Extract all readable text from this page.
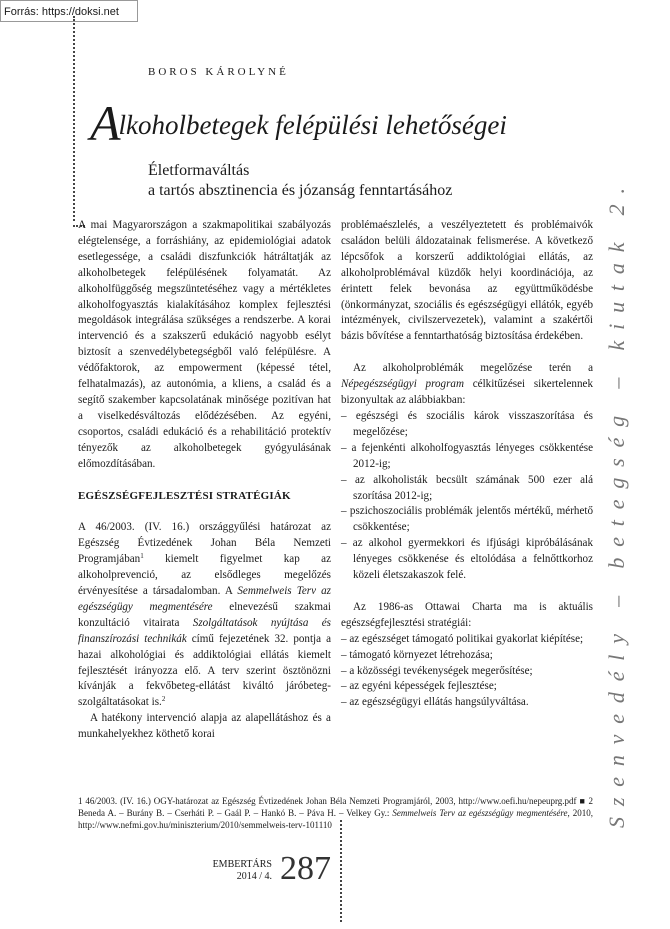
Forrás: https://doksi.net
BOROS KÁROLYNÉ
Alkoholbetegek felépülési lehetőségei
Életformaváltás
a tartós absztinencia és józanság fenntartásához

A mai Magyarországon a szakmapolitikai szabályozás elégtelensége, a forráshiány, az epidemiológiai adatok esetlegessége, a családi diszfunkciók hátráltatják az alkoholbetegek felépülésének folyamatát. Az alkoholfüggőség megszüntetéséhez vagy a mértékletes alkoholfogyasztás kialakításához komplex fejlesztési megoldások integrálása szükséges a rendszerbe. A korai intervenció és a szakszerű edukáció nagyobb esélyt biztosít a szenvedélybetegségből való felépülésre. A védőfaktorok, az empowerment (képessé tétel, felhatalmazás), az autonómia, a kliens, a család és a segítő szakember kapcsolatának minősége pozitívan hat a viselkedésváltozás elődézésében. Az egyéni, csoportos, családi edukáció és a rehabilitáció protektív tényezők az alkoholbetegek gyógyulásának előmozdításában.

EGÉSZSÉGFEJLESZTÉSI STRATÉGIÁK

A 46/2003. (IV. 16.) országgyűlési határozat az Egészség Évtizedének Johan Béla Nemzeti Programjában$^1$ kiemelt figyelmet kap az alkoholprevenció, az elsődleges megelőzés érvényesítése a társadalomban. A Semmelweis Terv az egészségügy megmentésére elnevezésű szakmai konzultáció vitairata Szolgáltatások nyújtása és finanszírozási technikák című fejezetének 32. pontja a hazai alkohológiai és addiktológiai ellátás kiemelt fejlesztését irányozza elő. A terv szerint ösztönözni kívánják a fekvőbeteg-ellátást kiváltó járóbeteg-szolgáltatásokat is.$^2$

A hatékony intervenció alapja az alapellátáshoz és a munkahelyekhez köthető korai

problémaészlelés, a veszélyeztetett és problémaivók családon belüli áldozatainak felismerése. A következő lépcsőfok a korszerű addiktológiai ellátás, az alkoholproblémával küzdők helyi koordinációja, az érintett felek bevonása az együttműködésbe (önkormányzat, szociális és egészségügyi ellátók, egyéb intézmények, civilszervezetek), valamint a szakértői bázis bővítése a fenntarthatóság biztosítása érdekében.

Az alkoholproblémák megelőzése terén a Népegészségügyi program célkitűzései sikertelennek bizonyultak az alábbiakban:

– egészségi és szociális károk visszaszorítása és megelőzése;
– a fejenkénti alkoholfogyasztás lényeges csökkentése 2012-ig;
– az alkoholisták becsült számának 500 ezer alá szorítása 2012-ig;
– pszichoszociális problémák jelentős mértékű, mérhető csökkentése;
– az alkohol gyermekkori és ifjúsági kipróbálásának lényeges csökkenése és eltolódása a felnőttkorhoz közeli életszakaszok felé.

Az 1986-as Ottawai Charta ma is aktuális egészségfejlesztési stratégiái:

– az egészséget támogató politikai gyakorlat kiépítése;
– támogató környezet létrehozása;
– a közösségi tevékenységek megerősítése;
– az egyéni képességek fejlesztése;
– az egészségügyi ellátás hangsúlyváltása.
1 46/2003. (IV. 16.) OGY-határozat az Egészség Évtizedének Johan Béla Nemzeti Programjáról, 2003, http://www.oefi.hu/nepeuprg.pdf ■ 2 Beneda A. – Burány B. – Cserháti P. – Gaál P. – Hankó B. – Páva H. – Velkey Gy.: Semmelweis Terv az egészségügy megmentésére, 2010, http://www.nefmi.gov.hu/miniszterium/2010/semmelweis-terv-101110	Szenvedély – betegség – kiutak 2.
EMBERTÁRS
2014 / 4. 287
